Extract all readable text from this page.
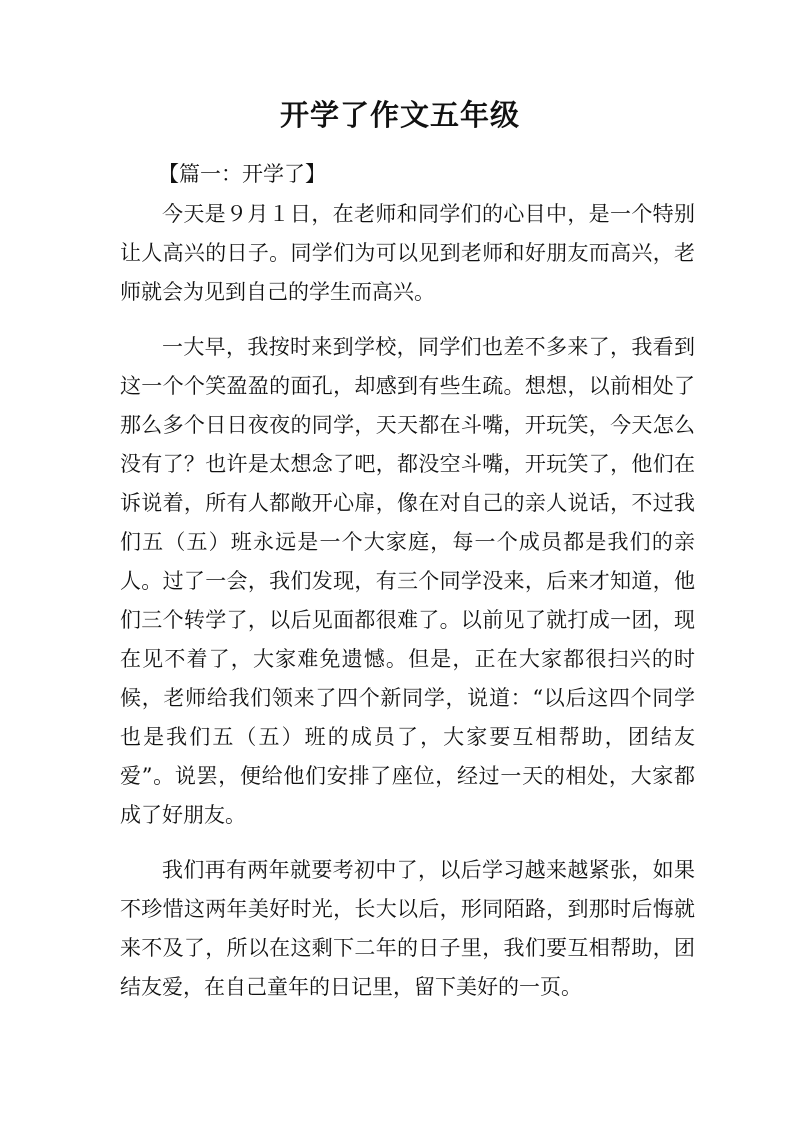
开学了作文五年级
【篇一：开学了】

今天是９月１日，在老师和同学们的心目中，是一个特别让人高兴的日子。同学们为可以见到老师和好朋友而高兴，老师就会为见到自己的学生而高兴。

一大早，我按时来到学校，同学们也差不多来了，我看到这一个个笑盈盈的面孔，却感到有些生疏。想想，以前相处了那么多个日日夜夜的同学，天天都在斗嘴，开玩笑，今天怎么没有了？也许是太想念了吧，都没空斗嘴，开玩笑了，他们在诉说着，所有人都敞开心扉，像在对自己的亲人说话，不过我们五（五）班永远是一个大家庭，每一个成员都是我们的亲人。过了一会，我们发现，有三个同学没来，后来才知道，他们三个转学了，以后见面都很难了。以前见了就打成一团，现在见不着了，大家难免遗憾。但是，正在大家都很扫兴的时候，老师给我们领来了四个新同学，说道：“以后这四个同学也是我们五（五）班的成员了，大家要互相帮助，团结友爱”。说罢，便给他们安排了座位，经过一天的相处，大家都成了好朋友。

我们再有两年就要考初中了，以后学习越来越紧张，如果不珍惜这两年美好时光，长大以后，形同陌路，到那时后悔就来不及了，所以在这剩下二年的日子里，我们要互相帮助，团结友爱，在自己童年的日记里，留下美好的一页。
